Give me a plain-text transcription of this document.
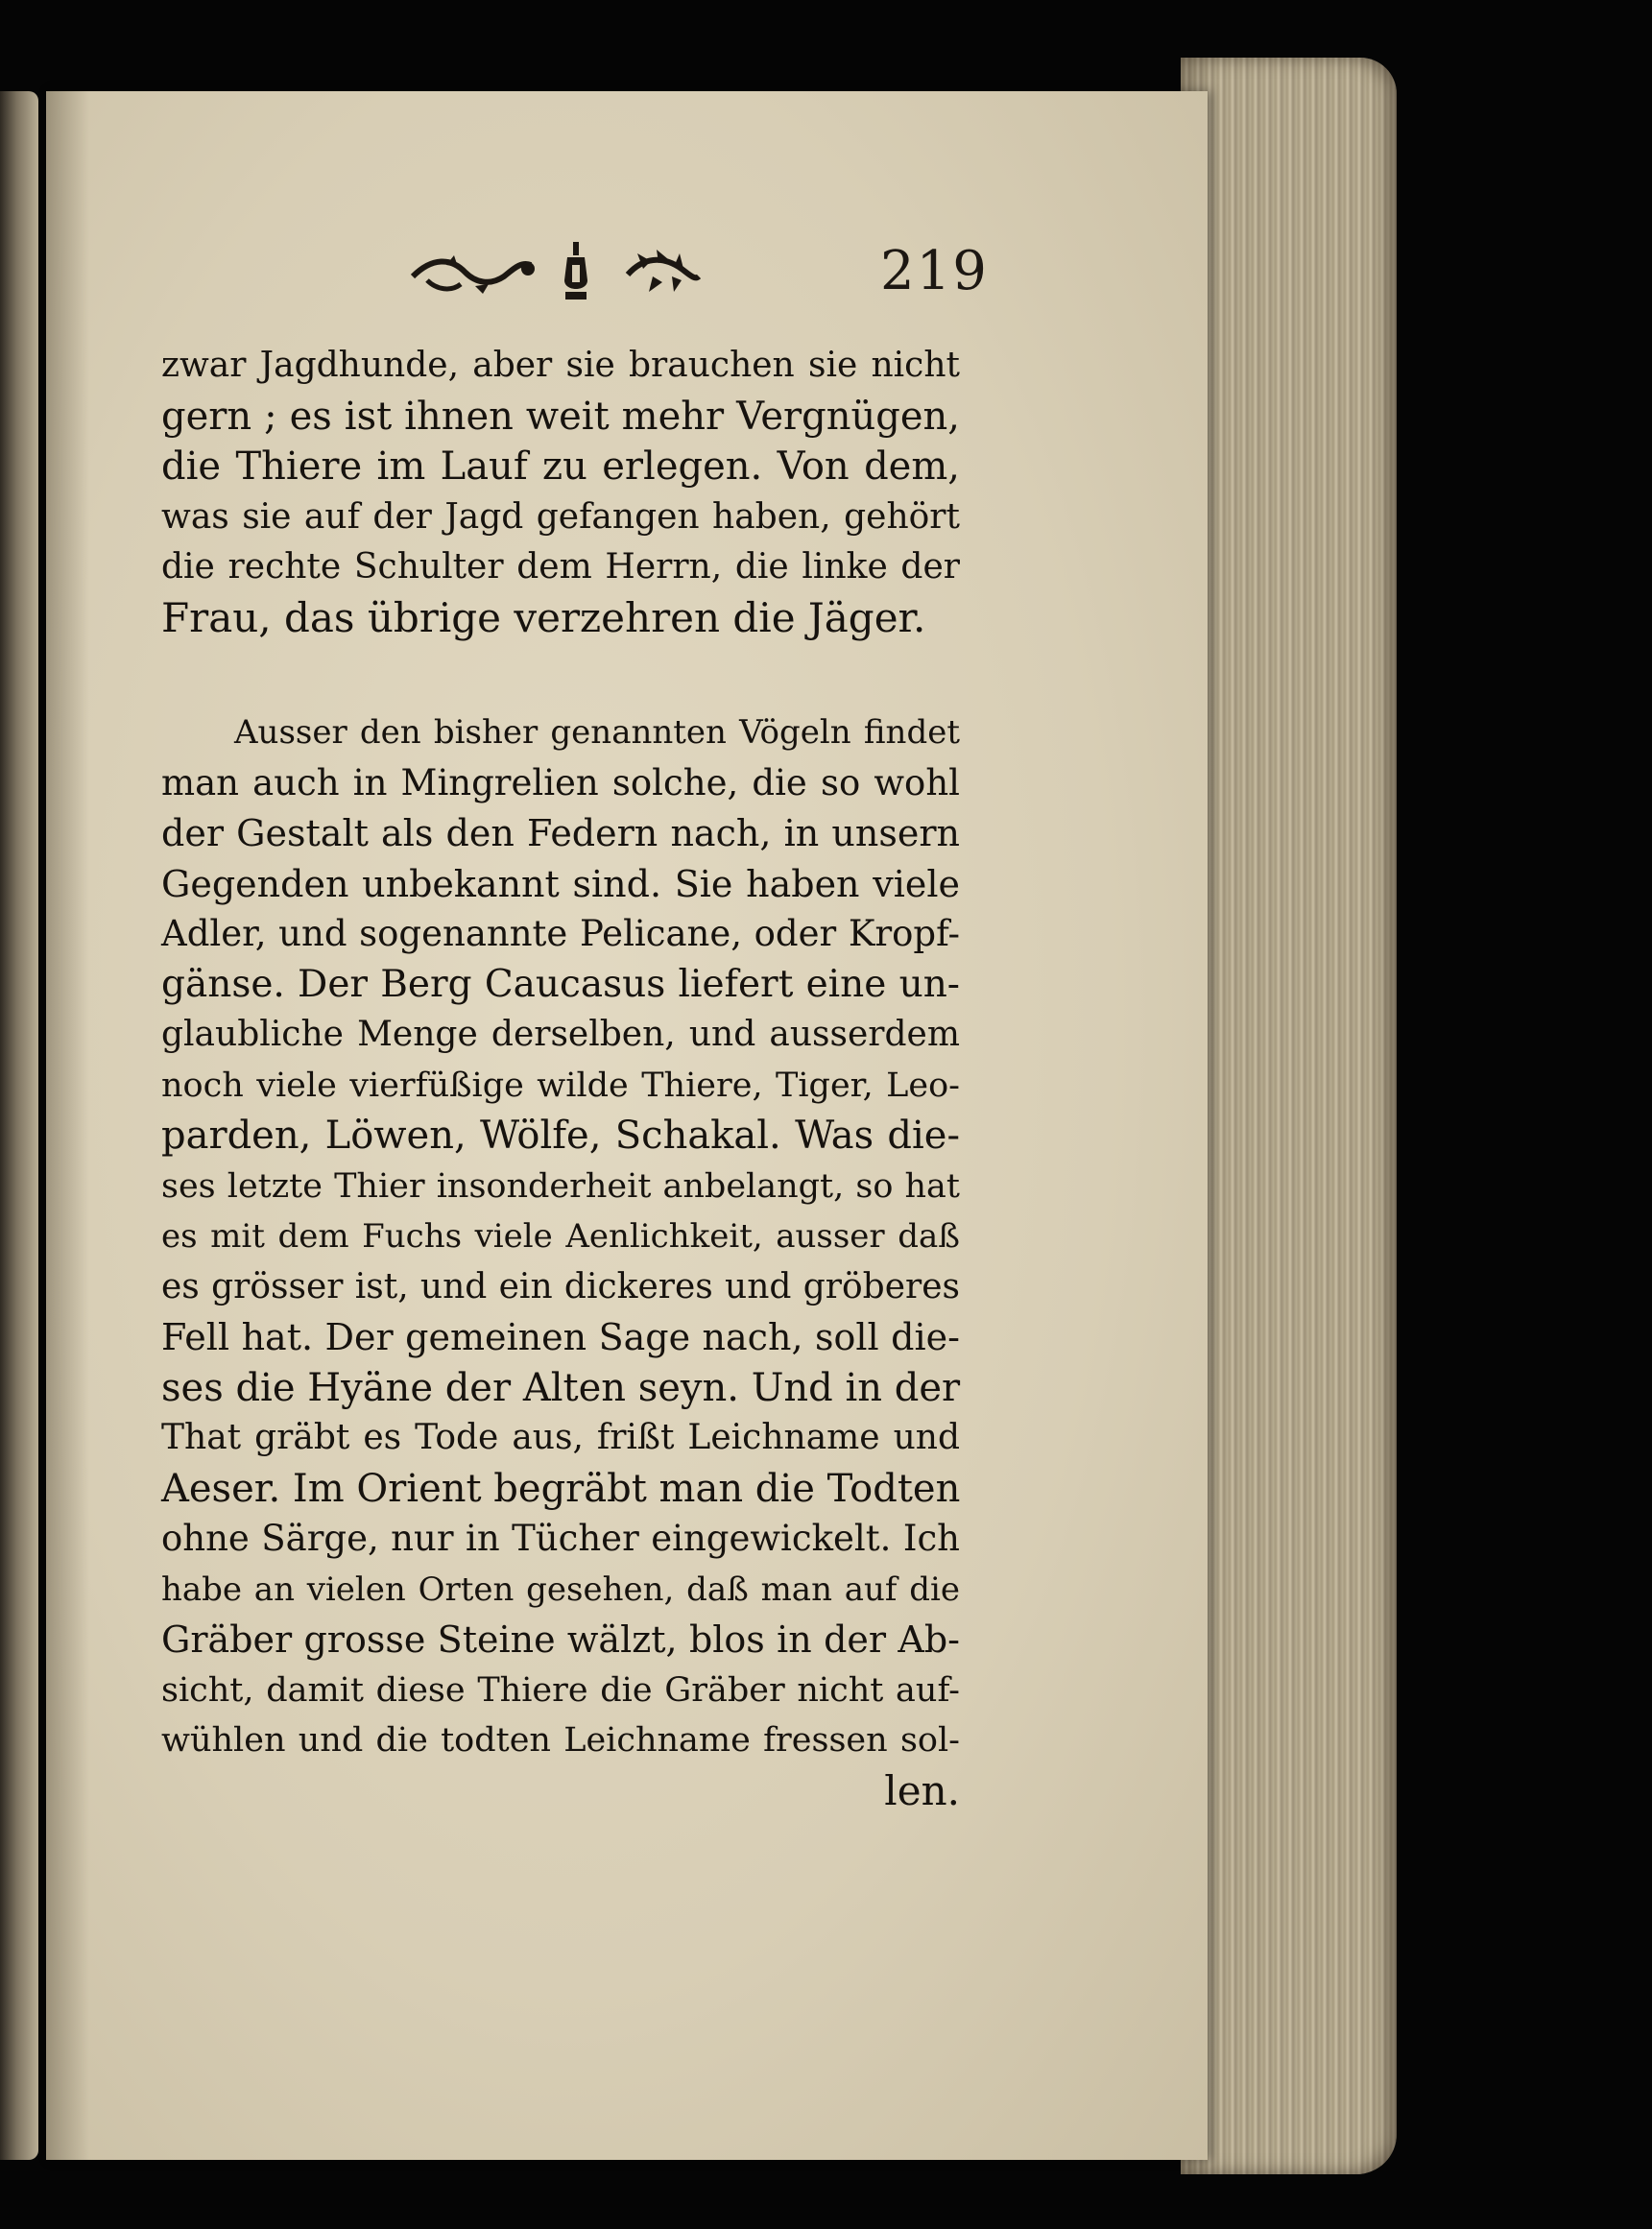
219
zwar Jagdhunde, aber sie brauchen sie nicht
gern ; es ist ihnen weit mehr Vergnügen,
die Thiere im Lauf zu erlegen. Von dem,
was sie auf der Jagd gefangen haben, gehört
die rechte Schulter dem Herrn, die linke der
Frau, das übrige verzehren die Jäger.
Ausser den bisher genannten Vögeln findet
man auch in Mingrelien solche, die so wohl
der Gestalt als den Federn nach, in unsern
Gegenden unbekannt sind. Sie haben viele
Adler, und sogenannte Pelicane, oder Kropf-
gänse. Der Berg Caucasus liefert eine un-
glaubliche Menge derselben, und ausserdem
noch viele vierfüßige wilde Thiere, Tiger, Leo-
parden, Löwen, Wölfe, Schakal. Was die-
ses letzte Thier insonderheit anbelangt, so hat
es mit dem Fuchs viele Aenlichkeit, ausser daß
es grösser ist, und ein dickeres und gröberes
Fell hat. Der gemeinen Sage nach, soll die-
ses die Hyäne der Alten seyn. Und in der
That gräbt es Tode aus, frißt Leichname und
Aeser. Im Orient begräbt man die Todten
ohne Särge, nur in Tücher eingewickelt. Ich
habe an vielen Orten gesehen, daß man auf die
Gräber grosse Steine wälzt, blos in der Ab-
sicht, damit diese Thiere die Gräber nicht auf-
wühlen und die todten Leichname fressen sol-
len.
